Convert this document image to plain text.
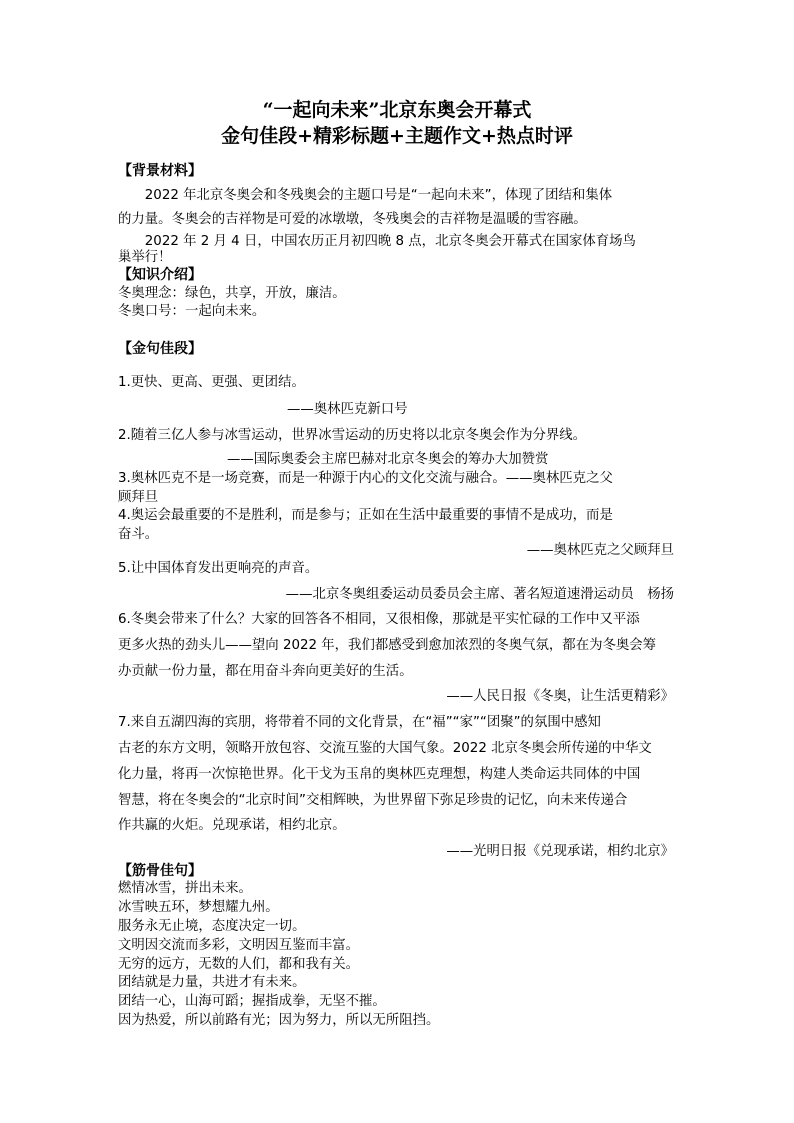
“一起向未来”北京东奥会开幕式
金句佳段+精彩标题+主题作文+热点时评
【背景材料】
　　2022 年北京冬奥会和冬残奥会的主题口号是“一起向未来”，体现了团结和集体
的力量。冬奥会的吉祥物是可爱的冰墩墩，冬残奥会的吉祥物是温暖的雪容融。
　　2022 年 2 月 4 日，中国农历正月初四晚 8 点，北京冬奥会开幕式在国家体育场鸟
巢举行！
【知识介绍】
冬奥理念：绿色，共享，开放，廉洁。
冬奥口号：一起向未来。
【金句佳段】
1.更快、更高、更强、更团结。
——奥林匹克新口号
2.随着三亿人参与冰雪运动，世界冰雪运动的历史将以北京冬奥会作为分界线。
——国际奥委会主席巴赫对北京冬奥会的筹办大加赞赏
3.奥林匹克不是一场竞赛，而是一种源于内心的文化交流与融合。——奥林匹克之父
顾拜旦
4.奥运会最重要的不是胜利，而是参与；正如在生活中最重要的事情不是成功，而是
奋斗。
——奥林匹克之父顾拜旦
5.让中国体育发出更响亮的声音。
——北京冬奥组委运动员委员会主席、著名短道速滑运动员　杨扬
6.冬奥会带来了什么？大家的回答各不相同，又很相像，那就是平实忙碌的工作中又平添
更多火热的劲头儿——望向 2022 年，我们都感受到愈加浓烈的冬奥气氛，都在为冬奥会筹
办贡献一份力量，都在用奋斗奔向更美好的生活。
——人民日报《冬奥，让生活更精彩》
7.来自五湖四海的宾朋，将带着不同的文化背景，在“福”“家”“团聚”的氛围中感知
古老的东方文明，领略开放包容、交流互鉴的大国气象。2022 北京冬奥会所传递的中华文
化力量，将再一次惊艳世界。化干戈为玉帛的奥林匹克理想，构建人类命运共同体的中国
智慧，将在冬奥会的“北京时间”交相辉映，为世界留下弥足珍贵的记忆，向未来传递合
作共赢的火炬。兑现承诺，相约北京。
——光明日报《兑现承诺，相约北京》
【筋骨佳句】
燃情冰雪，拼出未来。
冰雪映五环，梦想耀九州。
服务永无止境，态度决定一切。
文明因交流而多彩，文明因互鉴而丰富。
无穷的远方，无数的人们，都和我有关。
团结就是力量，共进才有未来。
团结一心，山海可蹈；握指成拳，无坚不摧。
因为热爱，所以前路有光；因为努力，所以无所阻挡。
